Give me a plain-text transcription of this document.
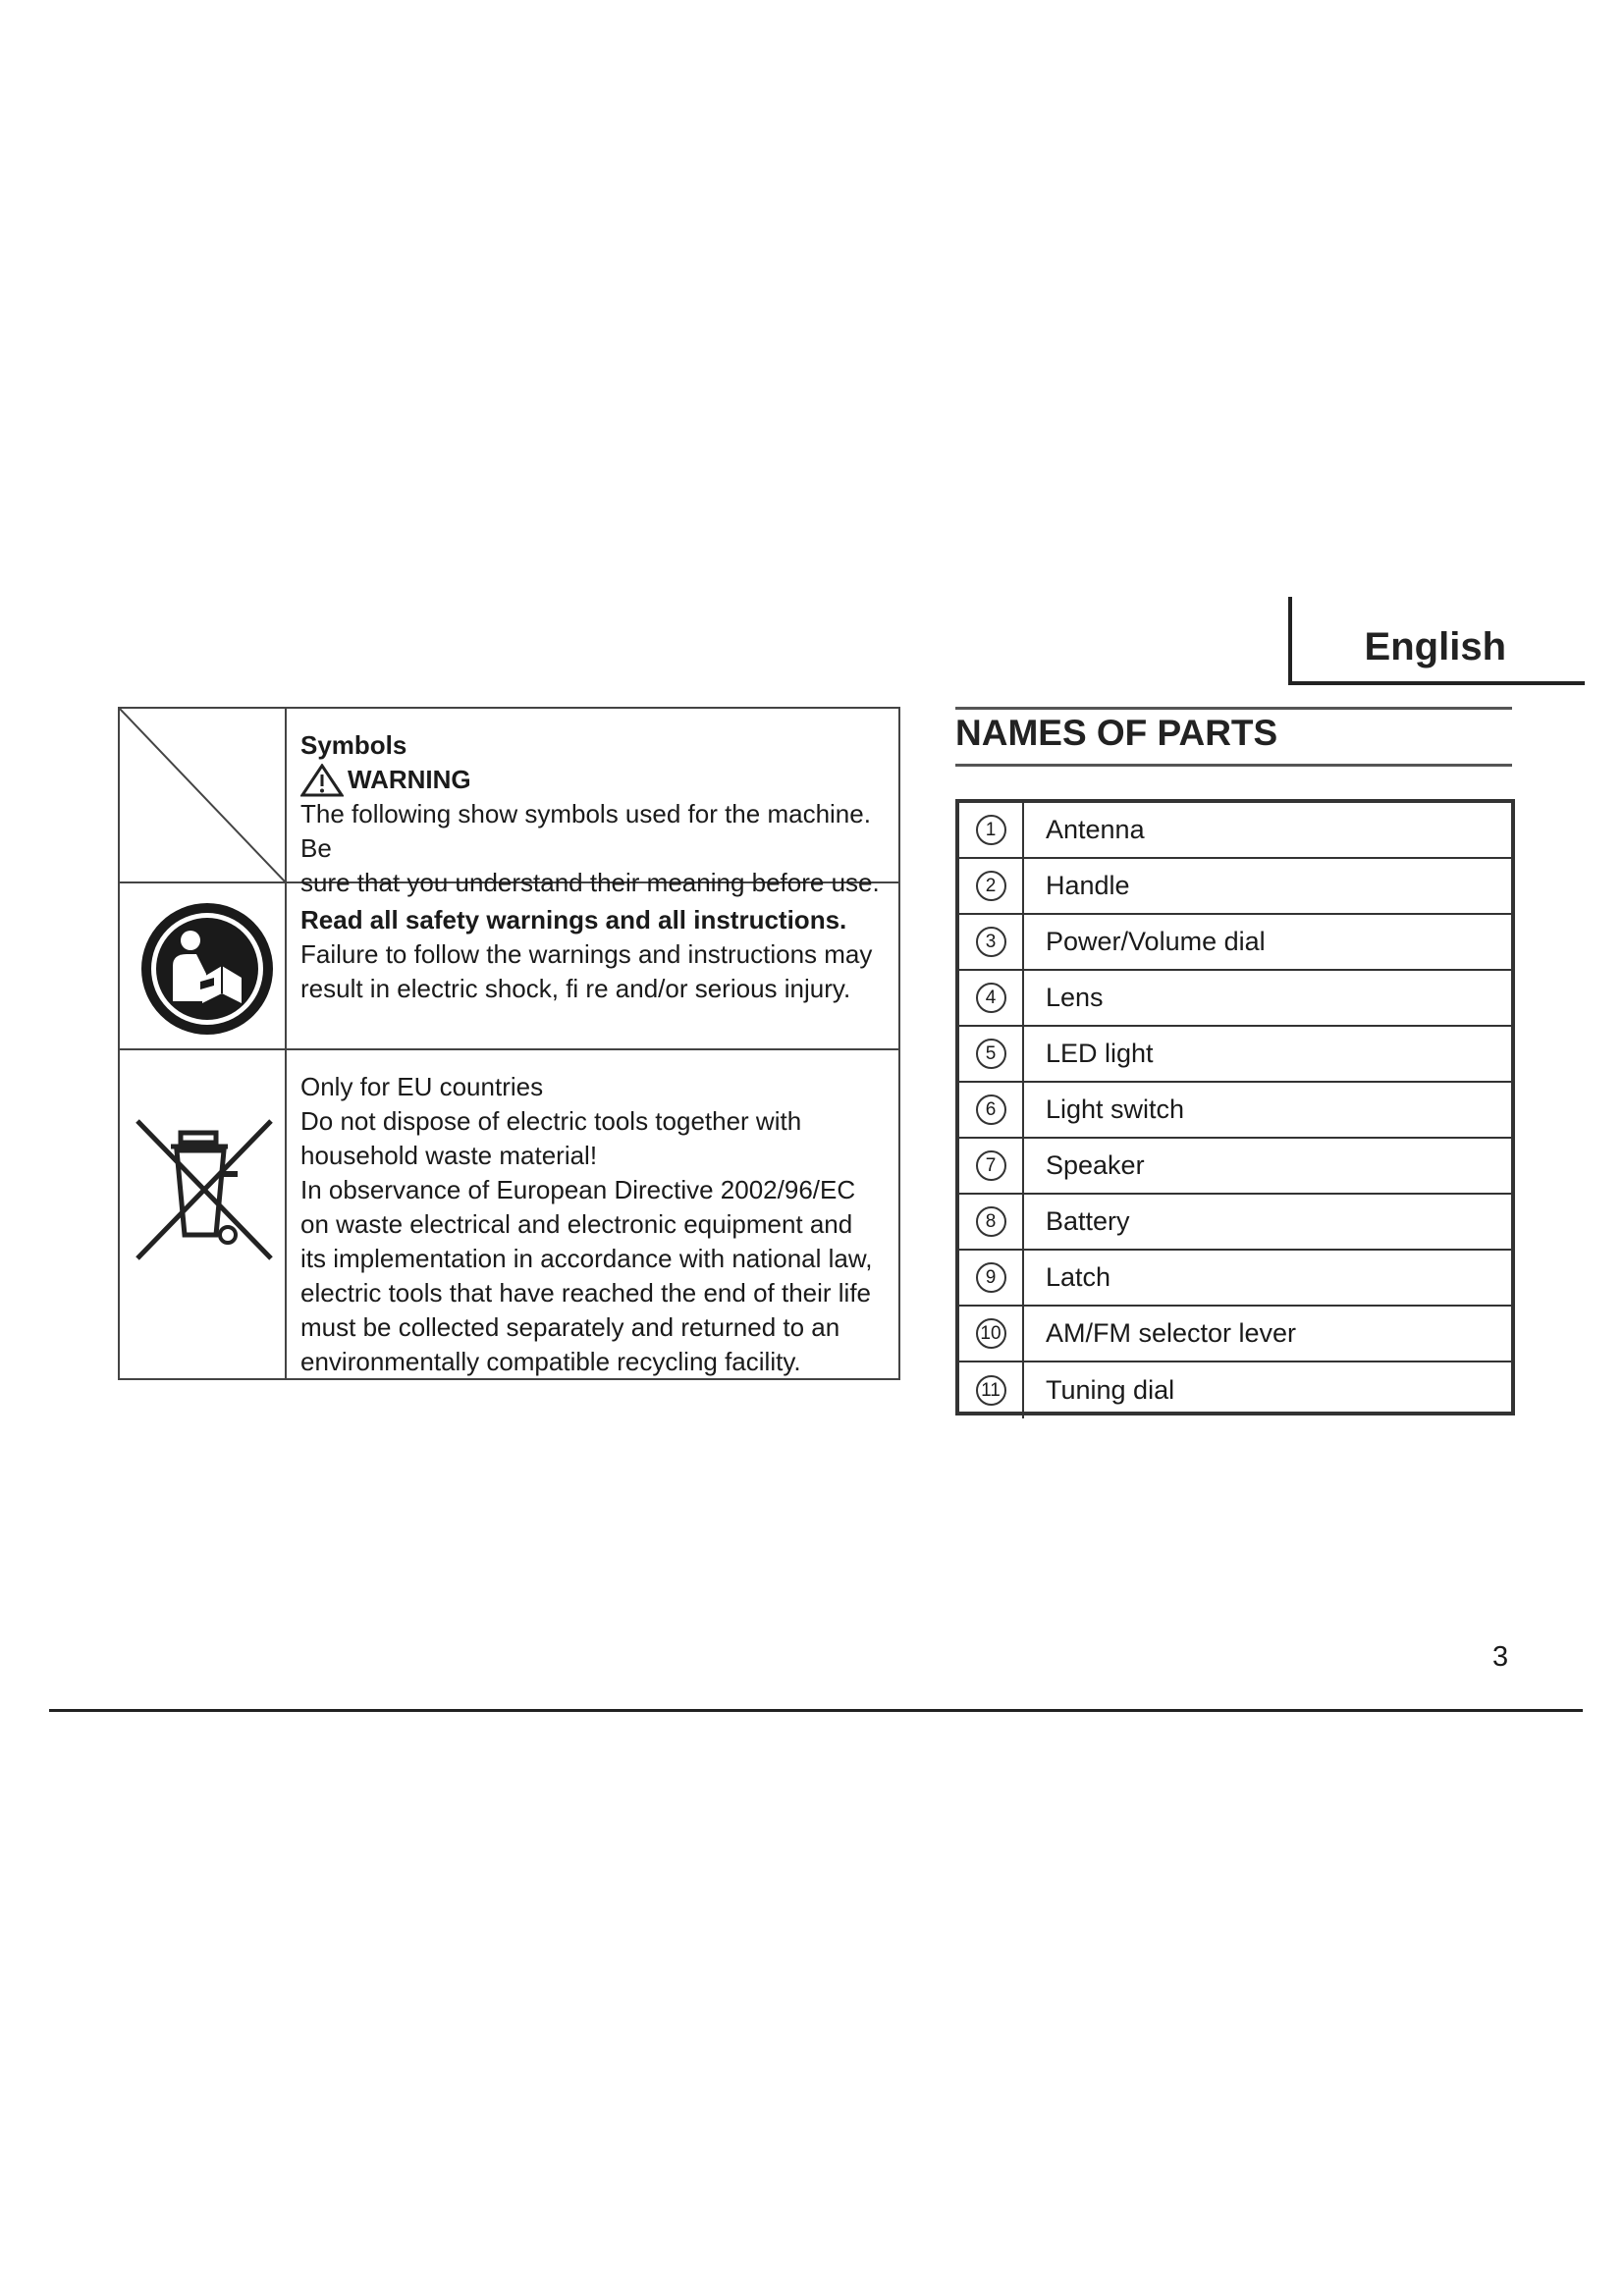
English
Symbols
WARNING
The following show symbols used for the machine. Be
sure that you understand their meaning before use.
Read all safety warnings and all instructions.
Failure to follow the warnings and instructions may
result in electric shock, fi re and/or serious injury.
Only for EU countries
Do not dispose of electric tools together with
household waste material!
In observance of European Directive 2002/96/EC
on waste electrical and electronic equipment and
its implementation in accordance with national law,
electric tools that have reached the end of their life
must be collected separately and returned to an
environmentally compatible recycling facility.
NAMES OF PARTS
1	Antenna
2	Handle
3	Power/Volume dial
4	Lens
5	LED light
6	Light switch
7	Speaker
8	Battery
9	Latch
10 AM/FM selector lever
11 Tuning dial
3
